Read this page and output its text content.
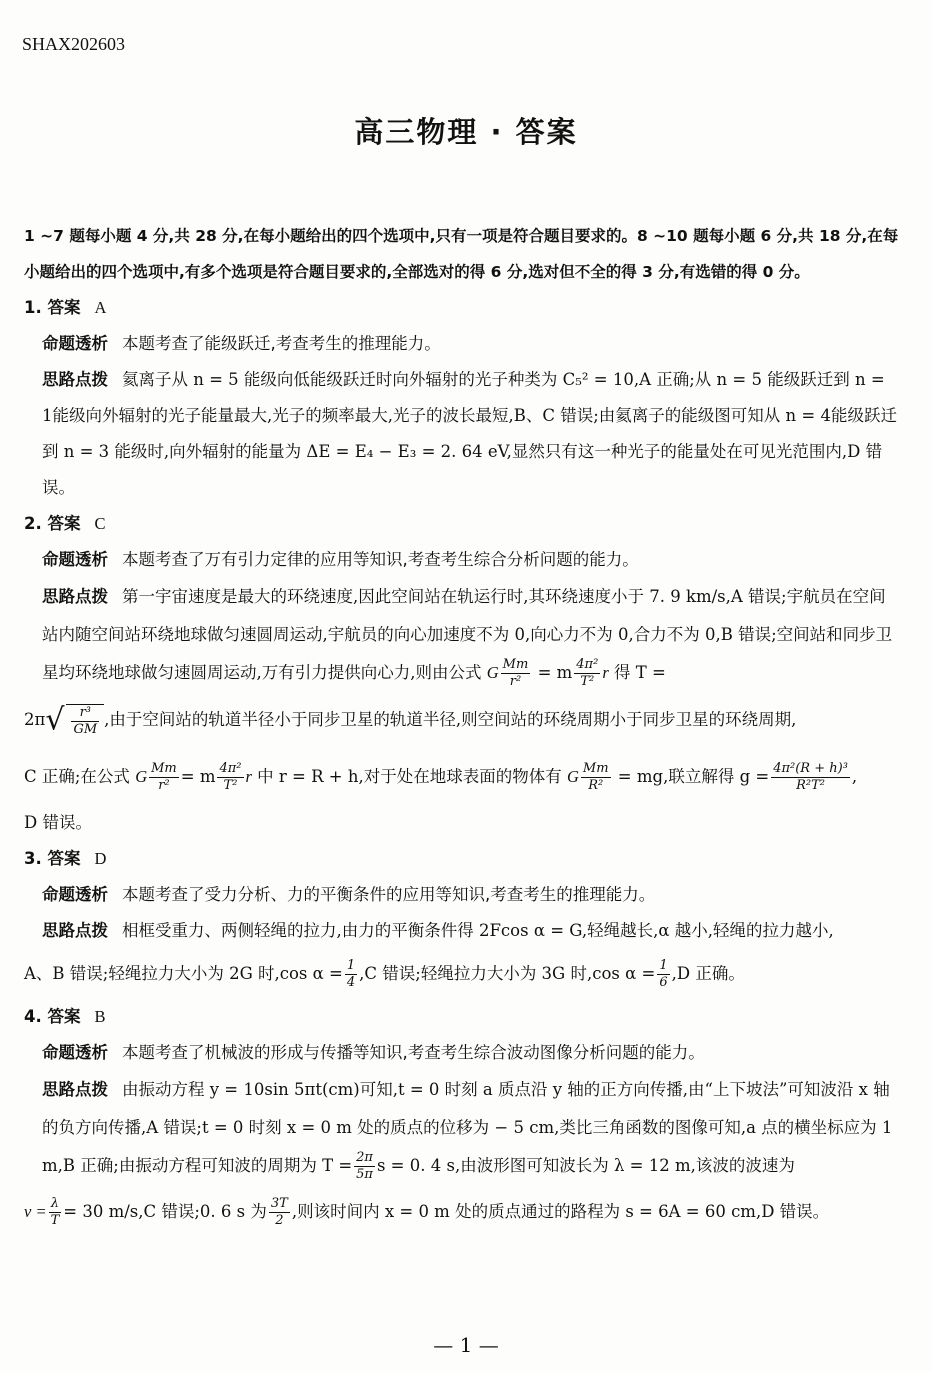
SHAX202603
高三物理 · 答案
1 ~7 题每小题 4 分,共 28 分,在每小题给出的四个选项中,只有一项是符合题目要求的。8 ~10 题每小题 6 分,共 18 分,在每小题给出的四个选项中,有多个选项是符合题目要求的,全部选对的得 6 分,选对但不全的得 3 分,有选错的得 0 分。
1. 答案 A
命题透析 本题考查了能级跃迁,考查考生的推理能力。
思路点拨 氦离子从 n = 5 能级向低能级跃迁时向外辐射的光子种类为 C₅² = 10,A 正确;从 n = 5 能级跃迁到 n = 1能级向外辐射的光子能量最大,光子的频率最大,光子的波长最短,B、C 错误;由氦离子的能级图可知从 n = 4能级跃迁到 n = 3 能级时,向外辐射的能量为 ΔE = E₄ − E₃ = 2. 64 eV,显然只有这一种光子的能量处在可见光范围内,D 错误。
2. 答案 C
命题透析 本题考查了万有引力定律的应用等知识,考查考生综合分析问题的能力。
思路点拨 第一宇宙速度是最大的环绕速度,因此空间站在轨运行时,其环绕速度小于 7. 9 km/s,A 错误;宇航员在空间站内随空间站环绕地球做匀速圆周运动,宇航员的向心加速度不为 0,向心力不为 0,合力不为 0,B 错误;空间站和同步卫星均环绕地球做匀速圆周运动,万有引力提供向心力,则由公式 G $\frac{Mm}{\text{r²}} = m \frac{\text{4π²}}{\text{T²}}$ r 得 T =
$2\pi√ \frac{\text{r³}}{GM}$ ,由于空间站的轨道半径小于同步卫星的轨道半径,则空间站的环绕周期小于同步卫星的环绕周期,
C 正确;在公式 G $\frac{Mm}{\text{r²}} = m \frac{\text{4π²}}{\text{T²}}$ r 中 r = R + h,对于处在地球表面的物体有 G $\frac{Mm}{\text{R²}}$ = mg,联立解得 $g = \frac{\text{4π²(R + h)³}}{\text{R²T²}}$ ,
D 错误。
3. 答案 D
命题透析 本题考查了受力分析、力的平衡条件的应用等知识,考查考生的推理能力。
思路点拨 相框受重力、两侧轻绳的拉力,由力的平衡条件得 2Fcos α = G,轻绳越长,α 越小,轻绳的拉力越小,
A、B 错误;轻绳拉力大小为 2G 时,cos $\alpha = \frac{1}{4} ,C$ 错误;轻绳拉力大小为 3G 时,cos $\alpha = \frac{1}{6} ,D$ 正确。
4. 答案 B
命题透析 本题考查了机械波的形成与传播等知识,考查考生综合波动图像分析问题的能力。
思路点拨 由振动方程 y = 10sin 5πt(cm)可知,t = 0 时刻 a 质点沿 y 轴的正方向传播,由“上下坡法”可知波沿 x 轴的负方向传播,A 错误;t = 0 时刻 x = 0 m 处的质点的位移为 − 5 cm,类比三角函数的图像可知,a 点的横坐标应为 1 m,B 正确;由振动方程可知波的周期为 $T = \frac{2\pi}{5\pi}$ s = 0. 4 s,由波形图可知波长为 λ = 12 m,该波的波速为
$v = \frac{\lambda}{T} = 30$ m/s,C 错误;0. 6 s 为 $\frac{3T}{2}$ ,则该时间内 x = 0 m 处的质点通过的路程为 s = 6A = 60 cm,D 错误。
— 1 —
